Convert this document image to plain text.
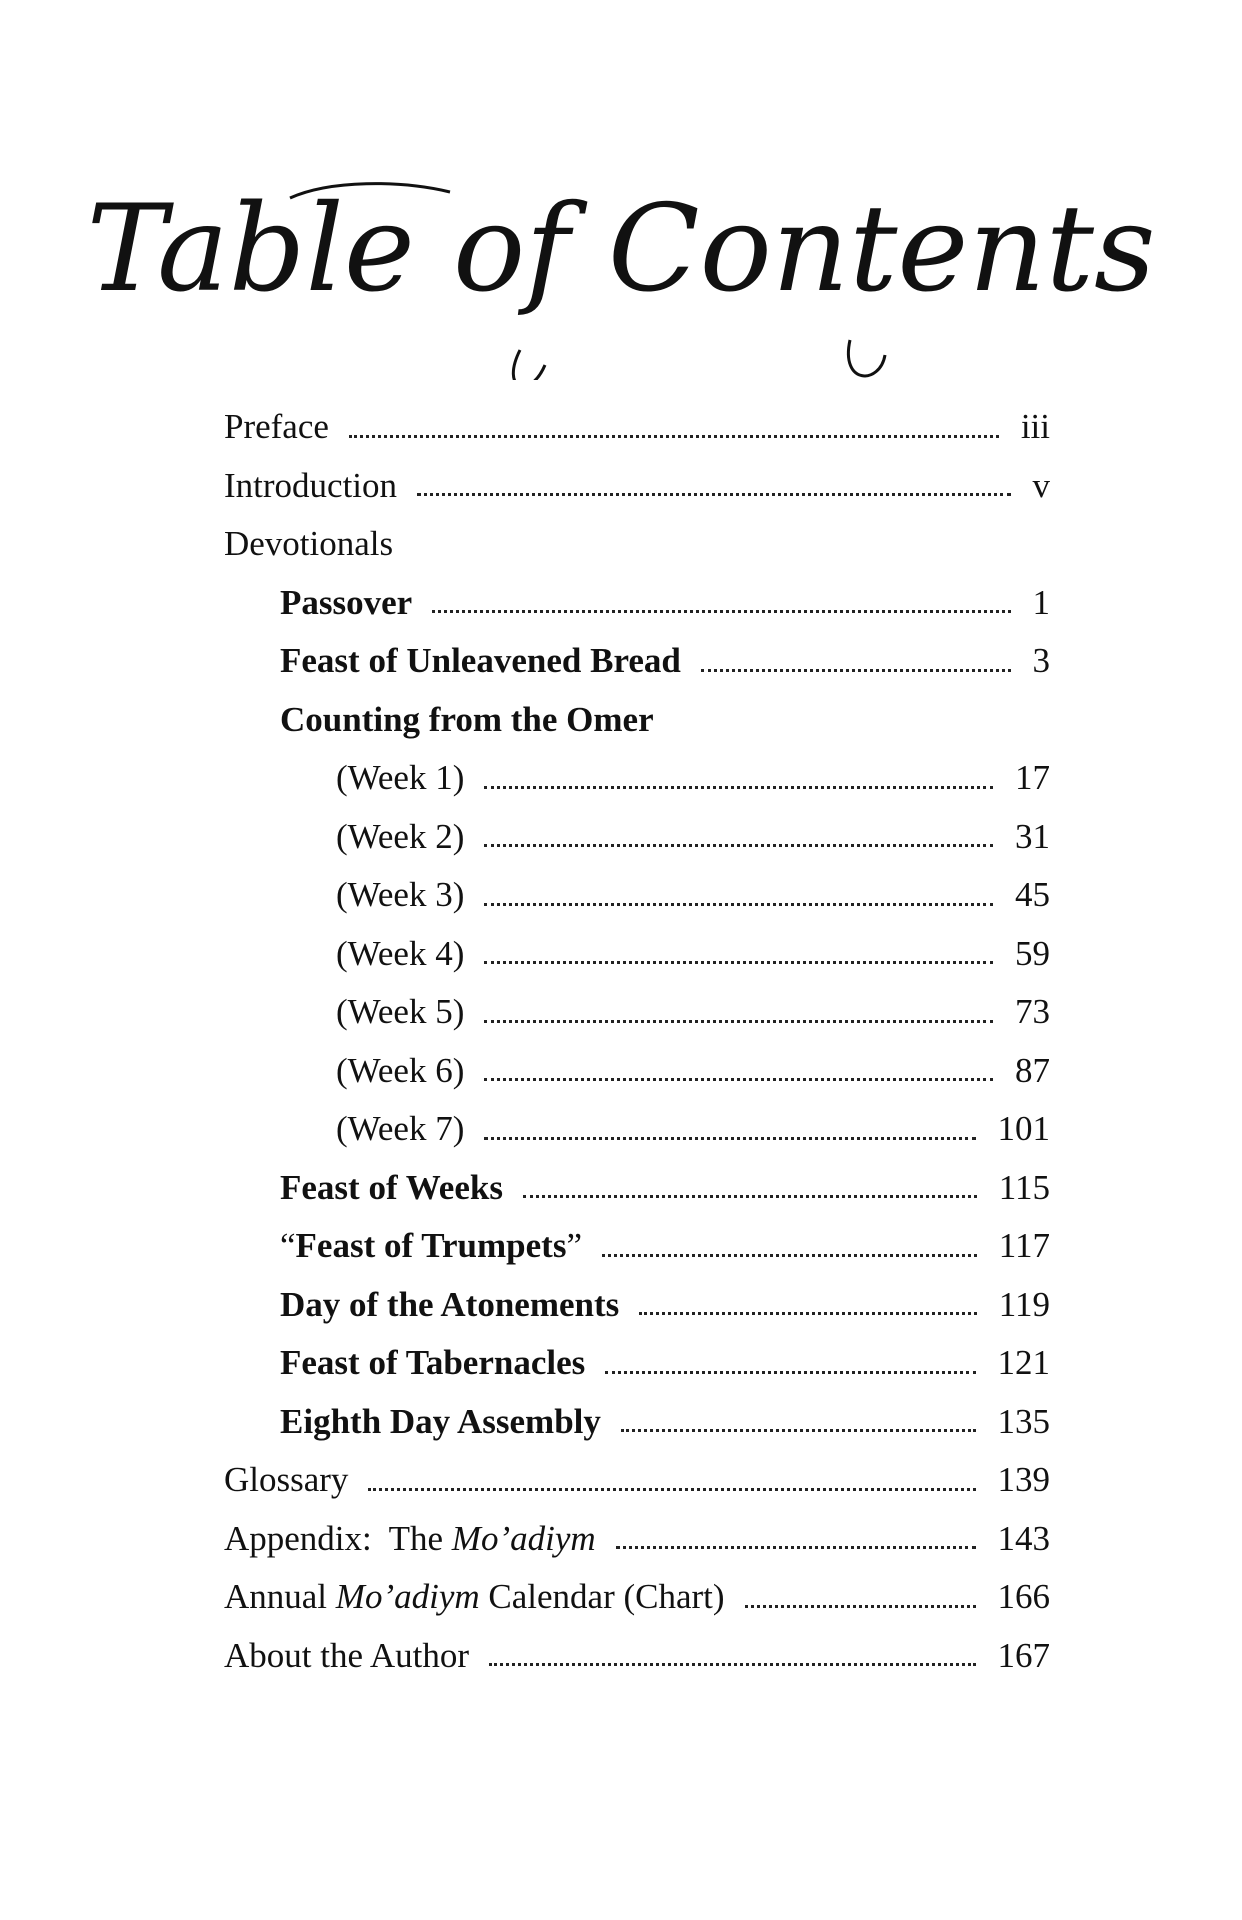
Table of Contents
Preface	iii
Introduction	v
Devotionals
Passover	1
Feast of Unleavened Bread	3
Counting from the Omer
(Week 1)	17
(Week 2)	31
(Week 3)	45
(Week 4)	59
(Week 5)	73
(Week 6)	87
(Week 7)	101
Feast of Weeks	115
“Feast of Trumpets”	117
Day of the Atonements	119
Feast of Tabernacles	121
Eighth Day Assembly	135
Glossary	139
Appendix:  The Mo’adiym	143
Annual Mo’adiym Calendar (Chart)	166
About the Author	167
